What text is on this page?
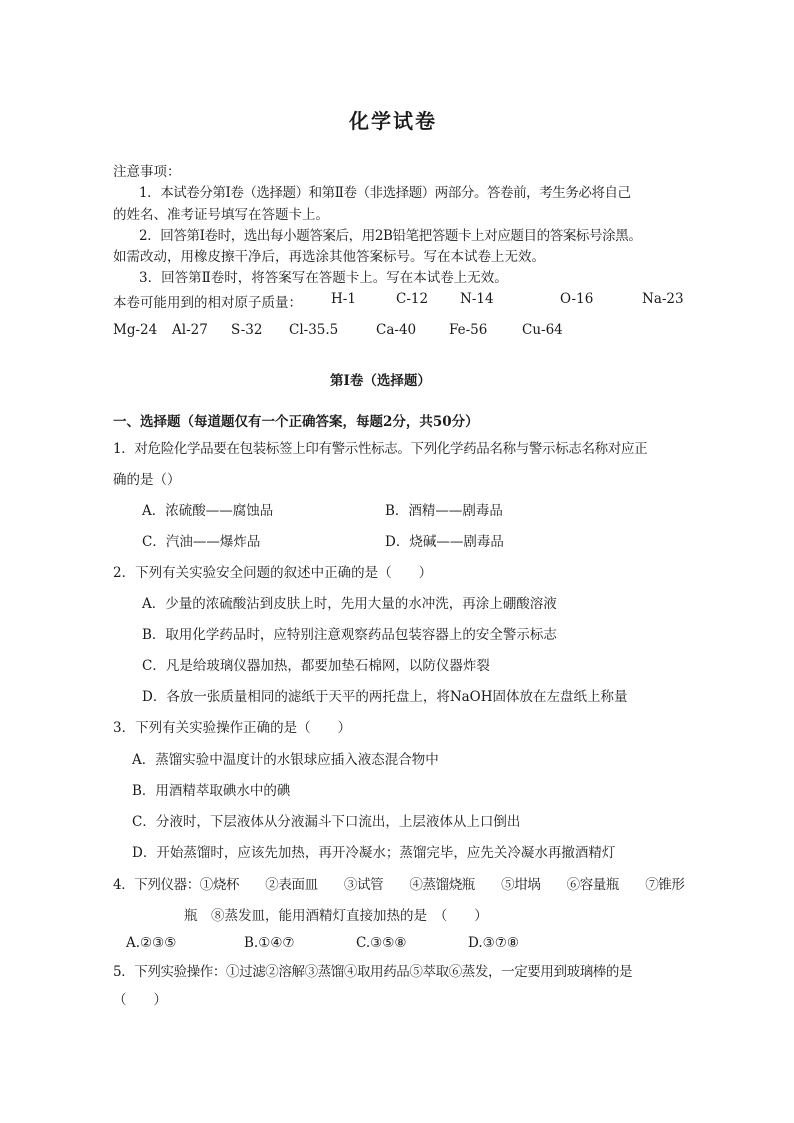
化学试卷
注意事项：
1．本试卷分第Ⅰ卷（选择题）和第Ⅱ卷（非选择题）两部分。答卷前，考生务必将自己
的姓名、准考证号填写在答题卡上。
2．回答第Ⅰ卷时，选出每小题答案后，用2B铅笔把答题卡上对应题目的答案标号涂黑。
如需改动，用橡皮擦干净后，再选涂其他答案标号。写在本试卷上无效。
3．回答第Ⅱ卷时，将答案写在答题卡上。写在本试卷上无效。
本卷可能用到的相对原子质量： H-1	C-12 N-14	O-16	Na-23
Mg-24 Al-27 S-32 Cl-35.5	Ca-40 Fe-56	Cu-64
第Ⅰ卷（选择题）
一、选择题（每道题仅有一个正确答案，每题2分，共50分）
1．对危险化学品要在包装标签上印有警示性标志。下列化学药品名称与警示标志名称对应正
确的是（）
A．浓硫酸——腐蚀品	B．酒精——剧毒品
C．汽油——爆炸品	D．烧碱——剧毒品
2．下列有关实验安全问题的叙述中正确的是（　　）
A．少量的浓硫酸沾到皮肤上时，先用大量的水冲洗，再涂上硼酸溶液
B．取用化学药品时，应特别注意观察药品包装容器上的安全警示标志
C．凡是给玻璃仪器加热，都要加垫石棉网，以防仪器炸裂
D．各放一张质量相同的滤纸于天平的两托盘上，将NaOH固体放在左盘纸上称量
3．下列有关实验操作正确的是（　　）
A．蒸馏实验中温度计的水银球应插入液态混合物中
B．用酒精萃取碘水中的碘
C．分液时，下层液体从分液漏斗下口流出，上层液体从上口倒出
D．开始蒸馏时，应该先加热，再开冷凝水；蒸馏完毕，应先关冷凝水再撤酒精灯
4．下列仪器：①烧杯　　②表面皿　　③试管　　④蒸馏烧瓶　　⑤坩埚　　⑥容量瓶　　⑦锥形
瓶　⑧蒸发皿，能用酒精灯直接加热的是　（　　）
A.②③⑤	B.①④⑦	C.③⑤⑧	D.③⑦⑧
5．下列实验操作：①过滤②溶解③蒸馏④取用药品⑤萃取⑥蒸发，一定要用到玻璃棒的是
（　　）
